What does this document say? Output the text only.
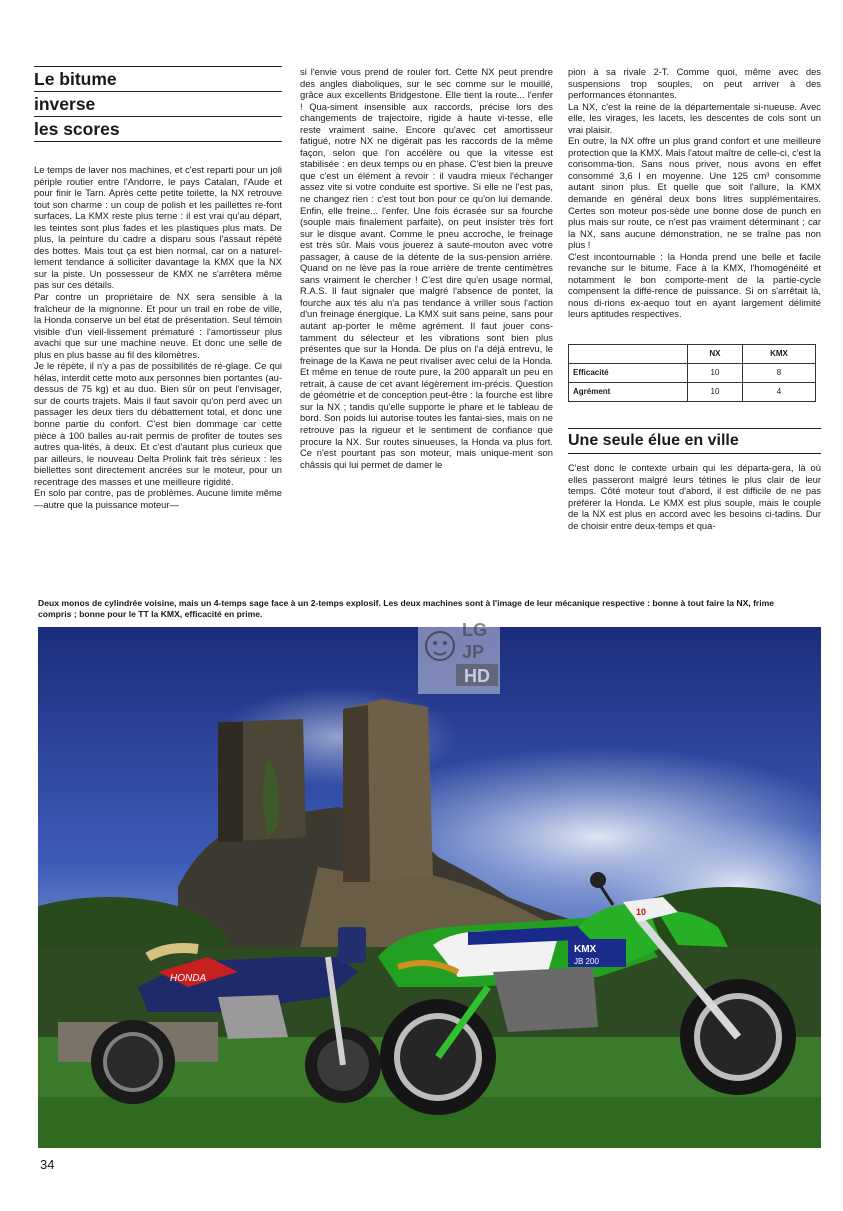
Le bitume
inverse
les scores

Le temps de laver nos machines, et c'est reparti pour un joli périple routier entre l'Andorre, le pays Catalan, l'Aude et pour finir le Tarn. Après cette petite toilette, la NX retrouve tout son charme : un coup de polish et les paillettes re-font surfaces. La KMX reste plus terne : il est vrai qu'au départ, les teintes sont plus fades et les plastiques plus mats. De plus, la peinture du cadre a disparu sous l'assaut répété des bottes. Mais tout ça est bien normal, car on a naturel-lement tendance à solliciter davantage la KMX que la NX sur la piste. Un possesseur de KMX ne s'arrêtera même pas sur ces détails.

Par contre un propriétaire de NX sera sensible à la fraîcheur de la mignonne. Et pour un trail en robe de ville, la Honda conserve un bel état de présentation. Seul témoin visible d'un vieil-lissement prématuré : l'amortisseur plus avachi que sur une machine neuve. Et donc une selle de plus en plus basse au fil des kilomètres.

Je le répète, il n'y a pas de possibilités de ré-glage. Ce qui hélas, interdit cette moto aux personnes bien portantes (au-dessus de 75 kg) et au duo. Bien sûr on peut l'envisager, sur de courts trajets. Mais il faut savoir qu'on perd avec un passager les deux tiers du débattement total, et donc une bonne partie du confort. C'est bien dommage car cette pièce à 100 balles au-rait permis de profiter de toutes ses autres qua-lités, à deux. Et c'est d'autant plus curieux que par ailleurs, le nouveau Delta Prolink fait très sérieux : les biellettes sont directement ancrées sur le moteur, pour un recentrage des masses et une meilleure rigidité.

En solo par contre, pas de problèmes. Aucune limite même —autre que la puissance moteur—

si l'envie vous prend de rouler fort. Cette NX peut prendre des angles diaboliques, sur le sec comme sur le mouillé, grâce aux excellents Bridgestone. Elle tient la route... l'enfer ! Qua-siment insensible aux raccords, précise lors des changements de trajectoire, rigide à haute vi-tesse, elle reste vraiment saine. Encore qu'avec cet amortisseur fatigué, notre NX ne digérait pas les raccords de la même façon, selon que l'on accélère ou que la vitesse est stabilisée : en deux temps ou en phase. C'est bien la preuve que c'est un élément à revoir : il vaudra mieux l'échanger assez vite si votre conduite est sportive. Si elle ne l'est pas, ne changez rien : c'est tout bon pour ce qu'on lui demande. Enfin, elle freine... l'enfer. Une fois écrasée sur sa fourche (souple mais finalement parfaite), on peut insister très fort sur le disque avant. Comme le pneu accroche, le freinage est très sûr. Mais vous jouerez à saute-mouton avec votre passager, à cause de la détente de la sus-pension arrière. Quand on ne lève pas la roue arrière de trente centimètres sans vraiment le chercher ! C'est dire qu'en usage normal, R.A.S. Il faut signaler que malgré l'absence de pontet, la fourche aux tés alu n'a pas tendance à vriller sous l'action d'un freinage énergique. La KMX suit sans peine, sans pour autant ap-porter le même agrément. Il faut jouer cons-tamment du sélecteur et les vibrations sont bien plus présentes que sur la Honda. De plus on l'a déjà entrevu, le freinage de la Kawa ne peut rivaliser avec celui de la Honda. Et même en tenue de route pure, la 200 apparaît un peu en retrait, à cause de cet avant légèrement im-précis. Question de géométrie et de conception peut-être : la fourche est libre sur la NX ; tandis qu'elle supporte le phare et le tableau de bord. Son poids lui autorise toutes les fantai-sies, mais on ne retrouve pas la rigueur et le sentiment de confiance que procure la NX. Sur routes sinueuses, la Honda va plus fort. Ce n'est pourtant pas son moteur, mais unique-ment son châssis qui lui permet de damer le

pion à sa rivale 2-T. Comme quoi, même avec des suspensions trop souples, on peut arriver à des performances étonnantes.

La NX, c'est la reine de la départementale si-nueuse. Avec elle, les virages, les lacets, les descentes de cols sont un vrai plaisir.

En outre, la NX offre un plus grand confort et une meilleure protection que la KMX. Mais l'atout maître de celle-ci, c'est la consomma-tion. Sans nous priver, nous avons en effet consommé 3,6 l en moyenne. Une 125 cm³ consomme autant sinon plus. Et quelle que soit l'allure, la KMX demande en général deux bons litres supplémentaires. Certes son moteur pos-sède une bonne dose de punch en plus mais sur route, ce n'est pas vraiment déterminant ; car la NX, sans aucune démonstration, ne se traîne pas non plus !

C'est incontournable : la Honda prend une belle et facile revanche sur le bitume. Face à la KMX, l'homogénéité et notamment le bon comporte-ment de la partie-cycle compensent la diffé-rence de puissance. Si on s'arrêtait là, nous di-rions ex-aequo tout en ayant largement délimité leurs aptitudes respectives.

	NX	KMX
Efficacité	10	8
Agrément	10	4
Une seule élue en ville

C'est donc le contexte urbain qui les départa-gera, là où elles passeront malgré leurs tétines le plus clair de leur temps. Côté moteur tout d'abord, il est difficile de ne pas préférer la Honda. Le KMX est plus souple, mais le couple de la NX est plus en accord avec les besoins ci-tadins. Dur de choisir entre deux-temps et qua-

Deux monos de cylindrée voisine, mais un 4-temps sage face à un 2-temps explosif. Les deux machines sont à l'image de leur mécanique respective : bonne à tout faire la NX, frime compris ; bonne pour le TT la KMX, efficacité en prime.
HONDA
KMX
JB 200
10
LG
JP
HD
34
